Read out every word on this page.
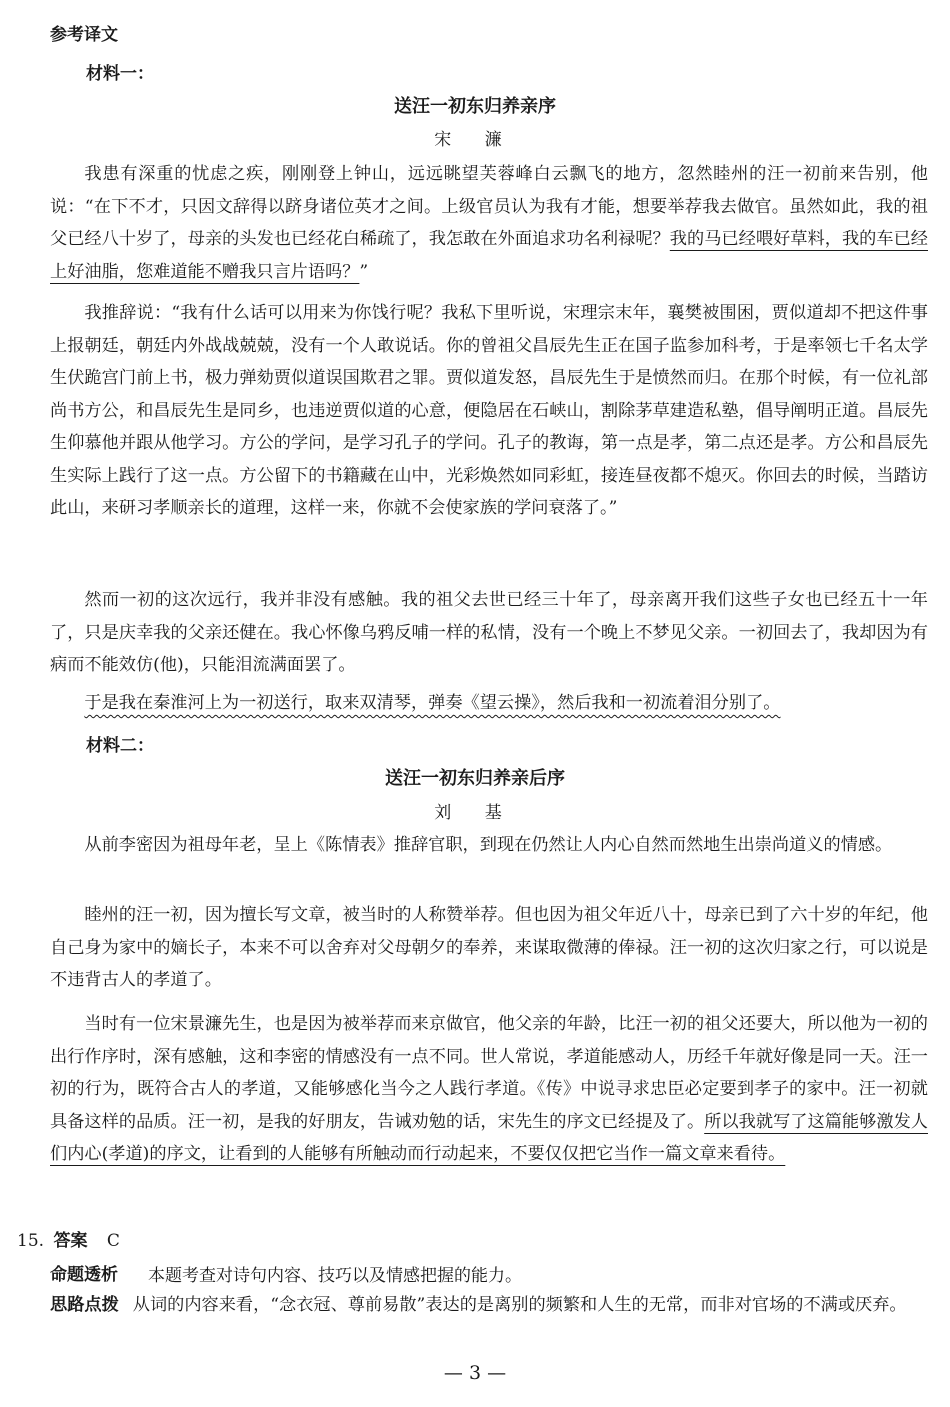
参考译文
材料一：
送汪一初东归养亲序
宋 濂

我患有深重的忧虑之疾，刚刚登上钟山，远远眺望芙蓉峰白云飘飞的地方，忽然睦州的汪一初前来告别，他说：“在下不才，只因文辞得以跻身诸位英才之间。上级官员认为我有才能，想要举荐我去做官。虽然如此，我的祖父已经八十岁了，母亲的头发也已经花白稀疏了，我怎敢在外面追求功名利禄呢？我的马已经喂好草料，我的车已经上好油脂，您难道能不赠我只言片语吗？”

我推辞说：“我有什么话可以用来为你饯行呢？我私下里听说，宋理宗末年，襄樊被围困，贾似道却不把这件事上报朝廷，朝廷内外战战兢兢，没有一个人敢说话。你的曾祖父昌辰先生正在国子监参加科考，于是率领七千名太学生伏跪宫门前上书，极力弹劾贾似道误国欺君之罪。贾似道发怒，昌辰先生于是愤然而归。在那个时候，有一位礼部尚书方公，和昌辰先生是同乡，也违逆贾似道的心意，便隐居在石峡山，割除茅草建造私塾，倡导阐明正道。昌辰先生仰慕他并跟从他学习。方公的学问，是学习孔子的学问。孔子的教诲，第一点是孝，第二点还是孝。方公和昌辰先生实际上践行了这一点。方公留下的书籍藏在山中，光彩焕然如同彩虹，接连昼夜都不熄灭。你回去的时候，当踏访此山，来研习孝顺亲长的道理，这样一来，你就不会使家族的学问衰落了。”

然而一初的这次远行，我并非没有感触。我的祖父去世已经三十年了，母亲离开我们这些子女也已经五十一年了，只是庆幸我的父亲还健在。我心怀像乌鸦反哺一样的私情，没有一个晚上不梦见父亲。一初回去了，我却因为有病而不能效仿(他)，只能泪流满面罢了。

于是我在秦淮河上为一初送行，取来双清琴，弹奏《望云操》，然后我和一初流着泪分别了。

材料二：
送汪一初东归养亲后序
刘 基

从前李密因为祖母年老，呈上《陈情表》推辞官职，到现在仍然让人内心自然而然地生出崇尚道义的情感。

睦州的汪一初，因为擅长写文章，被当时的人称赞举荐。但也因为祖父年近八十，母亲已到了六十岁的年纪，他自己身为家中的嫡长子，本来不可以舍弃对父母朝夕的奉养，来谋取微薄的俸禄。汪一初的这次归家之行，可以说是不违背古人的孝道了。

当时有一位宋景濂先生，也是因为被举荐而来京做官，他父亲的年龄，比汪一初的祖父还要大，所以他为一初的出行作序时，深有感触，这和李密的情感没有一点不同。世人常说，孝道能感动人，历经千年就好像是同一天。汪一初的行为，既符合古人的孝道，又能够感化当今之人践行孝道。《传》中说寻求忠臣必定要到孝子的家中。汪一初就具备这样的品质。汪一初，是我的好朋友，告诫劝勉的话，宋先生的序文已经提及了。所以我就写了这篇能够激发人们内心(孝道)的序文，让看到的人能够有所触动而行动起来，不要仅仅把它当作一篇文章来看待。

15. 答案 C
命题透析 本题考查对诗句内容、技巧以及情感把握的能力。

思路点拨 从词的内容来看，“念衣冠、尊前易散”表达的是离别的频繁和人生的无常，而非对官场的不满或厌弃。

— 3 —
